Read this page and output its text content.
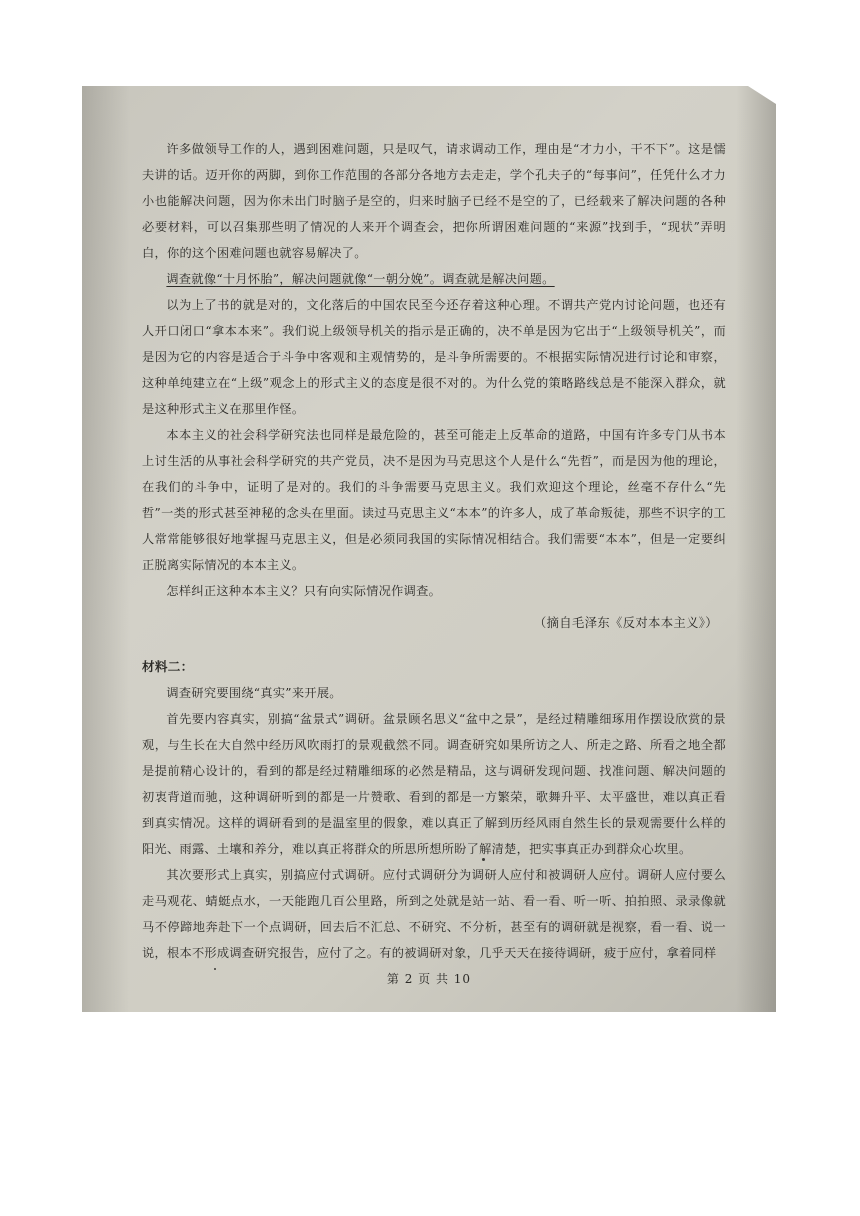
许多做领导工作的人，遇到困难问题，只是叹气，请求调动工作，理由是“才力小，干不下”。这是懦夫讲的话。迈开你的两脚，到你工作范围的各部分各地方去走走，学个孔夫子的“每事问”，任凭什么才力小也能解决问题，因为你未出门时脑子是空的，归来时脑子已经不是空的了，已经载来了解决问题的各种必要材料，可以召集那些明了情况的人来开个调查会，把你所谓困难问题的“来源”找到手，“现状”弄明白，你的这个困难问题也就容易解决了。

调查就像“十月怀胎”，解决问题就像“一朝分娩”。调查就是解决问题。

以为上了书的就是对的，文化落后的中国农民至今还存着这种心理。不谓共产党内讨论问题，也还有人开口闭口“拿本本来”。我们说上级领导机关的指示是正确的，决不单是因为它出于“上级领导机关”，而是因为它的内容是适合于斗争中客观和主观情势的，是斗争所需要的。不根据实际情况进行讨论和审察，这种单纯建立在“上级”观念上的形式主义的态度是很不对的。为什么党的策略路线总是不能深入群众，就是这种形式主义在那里作怪。

本本主义的社会科学研究法也同样是最危险的，甚至可能走上反革命的道路，中国有许多专门从书本上讨生活的从事社会科学研究的共产党员，决不是因为马克思这个人是什么“先哲”，而是因为他的理论，在我们的斗争中，证明了是对的。我们的斗争需要马克思主义。我们欢迎这个理论，丝毫不存什么“先哲”一类的形式甚至神秘的念头在里面。读过马克思主义“本本”的许多人，成了革命叛徒，那些不识字的工人常常能够很好地掌握马克思主义，但是必须同我国的实际情况相结合。我们需要“本本”，但是一定要纠正脱离实际情况的本本主义。

怎样纠正这种本本主义？只有向实际情况作调查。

（摘自毛泽东《反对本本主义》）

材料二：

调查研究要围绕“真实”来开展。

首先要内容真实，别搞“盆景式”调研。盆景顾名思义“盆中之景”，是经过精雕细琢用作摆设欣赏的景观，与生长在大自然中经历风吹雨打的景观截然不同。调查研究如果所访之人、所走之路、所看之地全都是提前精心设计的，看到的都是经过精雕细琢的必然是精品，这与调研发现问题、找准问题、解决问题的初衷背道而驰，这种调研听到的都是一片赞歌、看到的都是一方繁荣，歌舞升平、太平盛世，难以真正看到真实情况。这样的调研看到的是温室里的假象，难以真正了解到历经风雨自然生长的景观需要什么样的阳光、雨露、土壤和养分，难以真正将群众的所思所想所盼了解清楚，把实事真正办到群众心坎里。

其次要形式上真实，别搞应付式调研。应付式调研分为调研人应付和被调研人应付。调研人应付要么走马观花、蜻蜓点水，一天能跑几百公里路，所到之处就是站一站、看一看、听一听、拍拍照、录录像就马不停蹄地奔赴下一个点调研，回去后不汇总、不研究、不分析，甚至有的调研就是视察，看一看、说一说，根本不形成调查研究报告，应付了之。有的被调研对象，几乎天天在接待调研，疲于应付，拿着同样

第 2 页 共 10
